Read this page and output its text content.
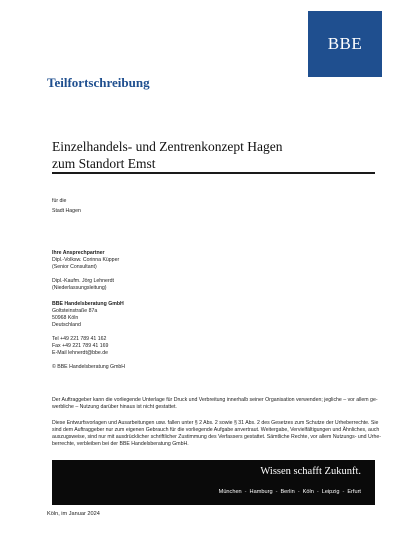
BBE
Teilfortschreibung
Einzelhandels- und Zentrenkonzept Hagen
zum Standort Emst
für die
Stadt Hagen
Ihre Ansprechpartner
Dipl.-Volksw. Corinna Küpper
(Senior Consultant)
Dipl.-Kaufm. Jörg Lehnerdt
(Niederlassungsleitung)
BBE Handelsberatung GmbH
Goltsteinstraße 87a
50968 Köln
Deutschland
Tel +49 221 789 41 162
Fax +49 221 789 41 169
E-Mail lehnerdt@bbe.de
© BBE Handelsberatung GmbH
Der Auftraggeber kann die vorliegende Unterlage für Druck und Verbreitung innerhalb seiner Organisation verwenden; jegliche – vor allem ge-
werbliche – Nutzung darüber hinaus ist nicht gestattet.
Diese Entwurfsvorlagen und Ausarbeitungen usw. fallen unter § 2 Abs. 2 sowie § 31 Abs. 2 des Gesetzes zum Schutze der Urheberrechte. Sie
sind dem Auftraggeber nur zum eigenen Gebrauch für die vorliegende Aufgabe anvertraut. Weitergabe, Vervielfältigungen und Ähnliches, auch
auszugsweise, sind nur mit ausdrücklicher schriftlicher Zustimmung des Verfassers gestattet. Sämtliche Rechte, vor allem Nutzungs- und Urhe-
berrechte, verbleiben bei der BBE Handelsberatung GmbH.
Wissen schafft Zukunft.
München - Hamburg - Berlin - Köln - Leipzig - Erfurt
Köln, im Januar 2024
